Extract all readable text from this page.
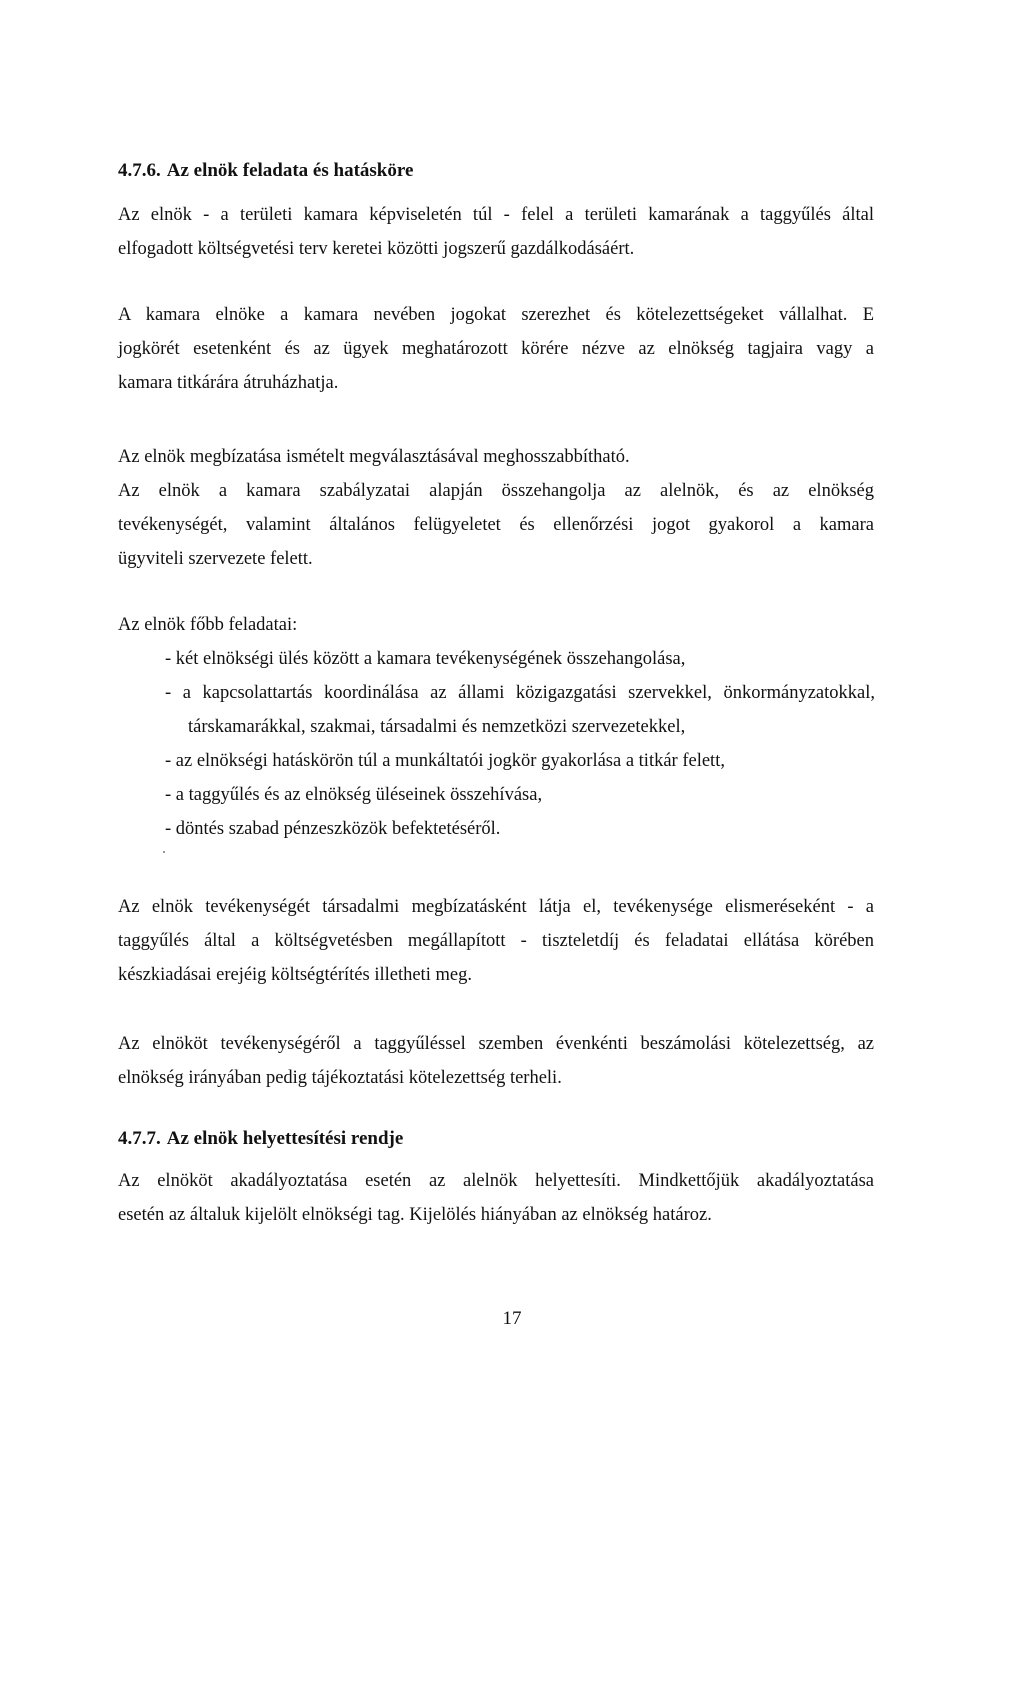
4.7.6. Az elnök feladata és hatásköre
Az elnök - a területi kamara képviseletén túl - felel a területi kamarának a taggyűlés által
elfogadott költségvetési terv keretei közötti jogszerű gazdálkodásáért.
A kamara elnöke a kamara nevében jogokat szerezhet és kötelezettségeket vállalhat. E
jogkörét esetenként és az ügyek meghatározott körére nézve az elnökség tagjaira vagy a
kamara titkárára átruházhatja.
Az elnök megbízatása ismételt megválasztásával meghosszabbítható.
Az elnök a kamara szabályzatai alapján összehangolja az alelnök, és az elnökség
tevékenységét, valamint általános felügyeletet és ellenőrzési jogot gyakorol a kamara
ügyviteli szervezete felett.
Az elnök főbb feladatai:
- két elnökségi ülés között a kamara tevékenységének összehangolása,
- a kapcsolattartás koordinálása az állami közigazgatási szervekkel, önkormányzatokkal,
társkamarákkal, szakmai, társadalmi és nemzetközi szervezetekkel,
- az elnökségi hatáskörön túl a munkáltatói jogkör gyakorlása a titkár felett,
- a taggyűlés és az elnökség üléseinek összehívása,
- döntés szabad pénzeszközök befektetéséről.
Az elnök tevékenységét társadalmi megbízatásként látja el, tevékenysége elismeréseként - a
taggyűlés által a költségvetésben megállapított - tiszteletdíj és feladatai ellátása körében
készkiadásai erejéig költségtérítés illetheti meg.
Az elnököt tevékenységéről a taggyűléssel szemben évenkénti beszámolási kötelezettség, az
elnökség irányában pedig tájékoztatási kötelezettség terheli.
4.7.7. Az elnök helyettesítési rendje
Az elnököt akadályoztatása esetén az alelnök helyettesíti. Mindkettőjük akadályoztatása
esetén az általuk kijelölt elnökségi tag. Kijelölés hiányában az elnökség határoz.
17
